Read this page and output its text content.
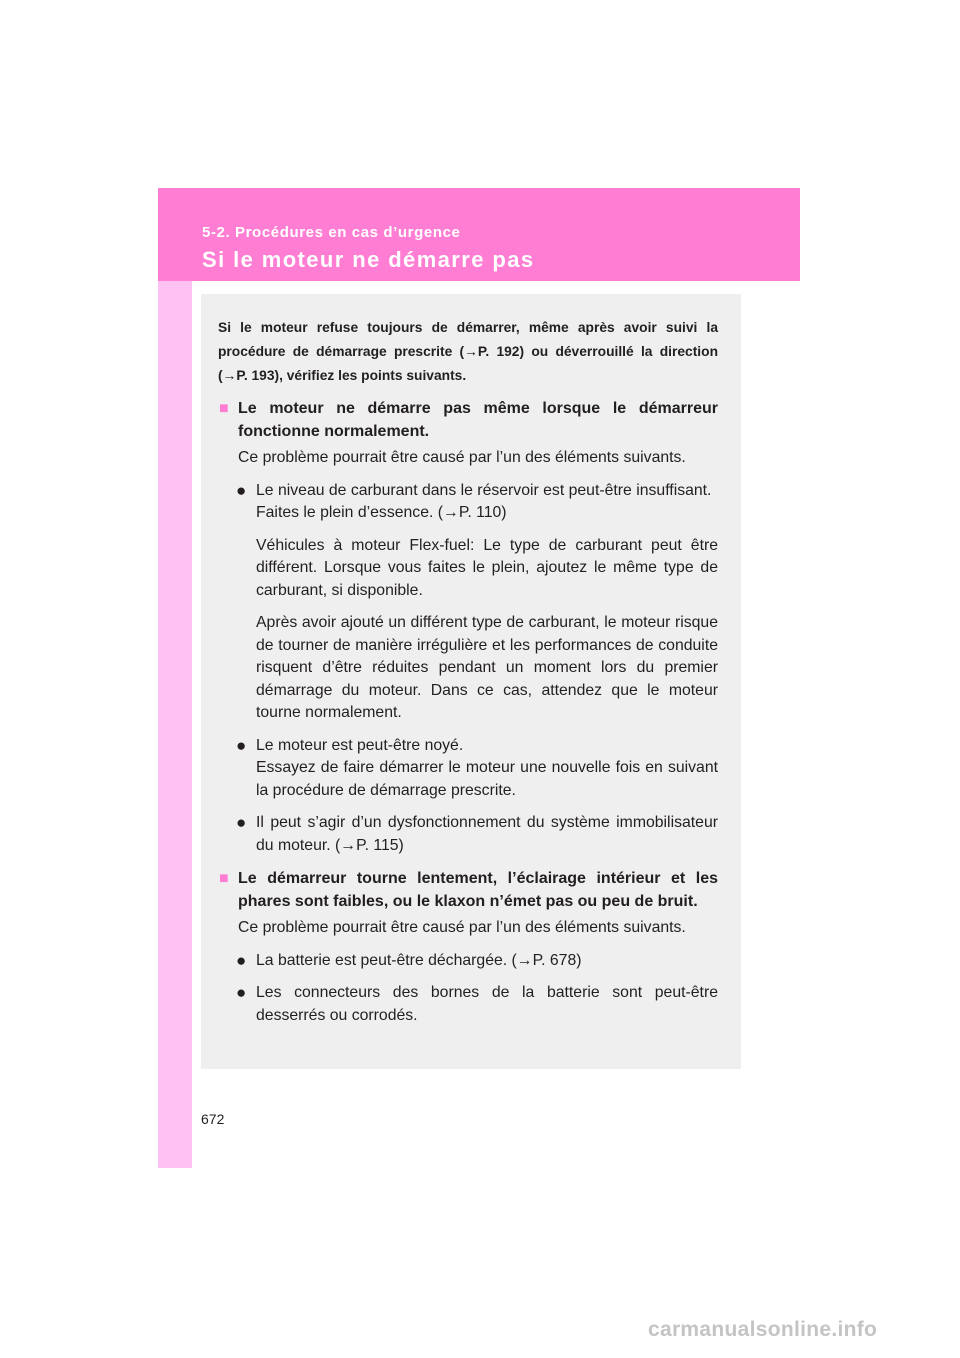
5-2. Procédures en cas d’urgence
Si le moteur ne démarre pas

Si le moteur refuse toujours de démarrer, même après avoir suivi la procédure de démarrage prescrite (→P. 192) ou déverrouillé la direction (→P. 193), vérifiez les points suivants.

■ Le moteur ne démarre pas même lorsque le démarreur fonctionne normalement.

Ce problème pourrait être causé par l’un des éléments suivants.

● Le niveau de carburant dans le réservoir est peut-être insuffisant.

Faites le plein d’essence. (→P. 110)

Véhicules à moteur Flex-fuel: Le type de carburant peut être différent. Lorsque vous faites le plein, ajoutez le même type de carburant, si disponible.

Après avoir ajouté un différent type de carburant, le moteur risque de tourner de manière irrégulière et les performances de conduite risquent d’être réduites pendant un moment lors du premier démarrage du moteur. Dans ce cas, attendez que le moteur tourne normalement.

● Le moteur est peut-être noyé.

Essayez de faire démarrer le moteur une nouvelle fois en suivant la procédure de démarrage prescrite.

● Il peut s’agir d’un dysfonctionnement du système immobilisateur du moteur. (→P. 115)
■ Le démarreur tourne lentement, l’éclairage intérieur et les phares sont faibles, ou le klaxon n’émet pas ou peu de bruit.

Ce problème pourrait être causé par l’un des éléments suivants.

● La batterie est peut-être déchargée. (→P. 678)
● Les connecteurs des bornes de la batterie sont peut-être desserrés ou corrodés.
672
carmanualsonline.info
